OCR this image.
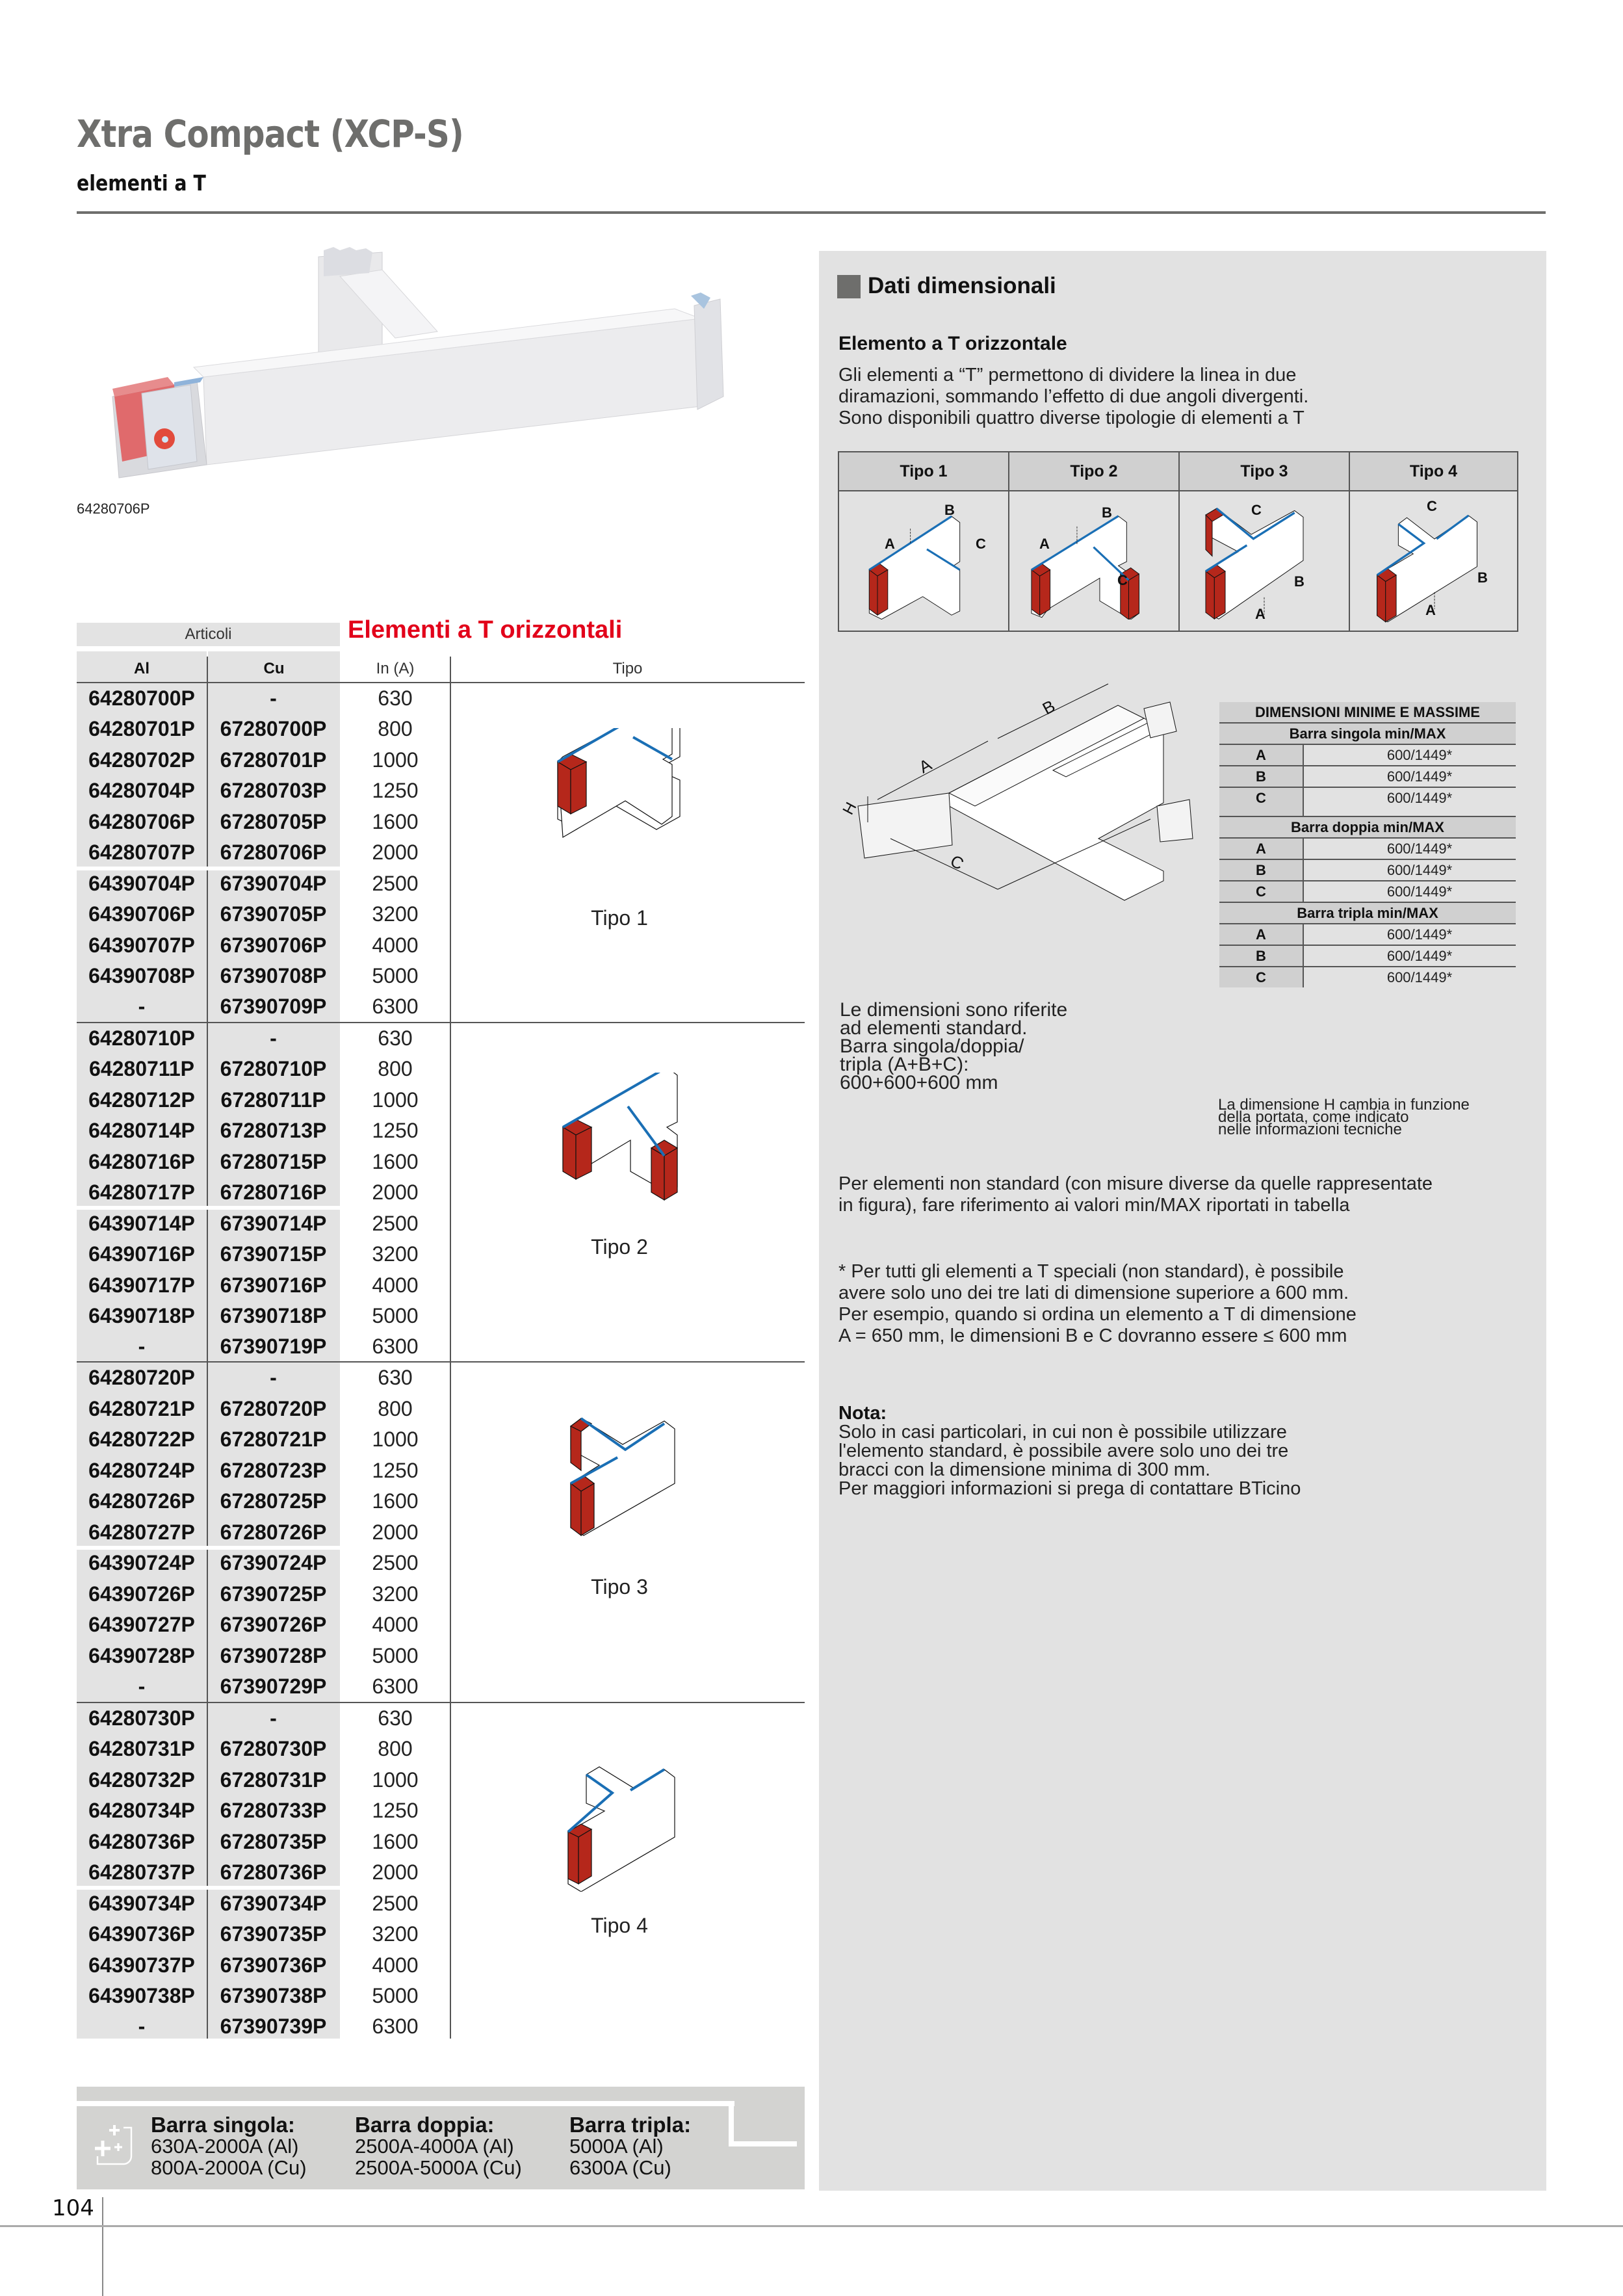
Xtra Compact (XCP-S)
elementi a T
64280706P
Articoli	Elementi a T orizzontali
Al	Cu	In (A)	Tipo
64280700P	-	630
64280701P	67280700P	800
64280702P	67280701P	1000
64280704P	67280703P	1250
64280706P	67280705P	1600
64280707P	67280706P	2000
64390704P	67390704P	2500
64390706P	67390705P	3200
64390707P	67390706P	4000
64390708P	67390708P	5000
-	67390709P	6300
64280710P	-	630
64280711P	67280710P	800
64280712P	67280711P	1000
64280714P	67280713P	1250
64280716P	67280715P	1600
64280717P	67280716P	2000
64390714P	67390714P	2500
64390716P	67390715P	3200
64390717P	67390716P	4000
64390718P	67390718P	5000
-	67390719P	6300
64280720P	-	630
64280721P	67280720P	800
64280722P	67280721P	1000
64280724P	67280723P	1250
64280726P	67280725P	1600
64280727P	67280726P	2000
64390724P	67390724P	2500
64390726P	67390725P	3200
64390727P	67390726P	4000
64390728P	67390728P	5000
-	67390729P	6300
64280730P	-	630
64280731P	67280730P	800
64280732P	67280731P	1000
64280734P	67280733P	1250
64280736P	67280735P	1600
64280737P	67280736P	2000
64390734P	67390734P	2500
64390736P	67390735P	3200
64390737P	67390736P	4000
64390738P	67390738P	5000
-	67390739P	6300
Tipo 1
Tipo 2
Tipo 3
Tipo 4
Barra singola:
630A-2000A (Al)
800A-2000A (Cu)
Barra doppia:
2500A-4000A (Al)
2500A-5000A (Cu)
Barra tripla:
5000A (Al)
6300A (Cu)
104
Dati dimensionali
Elemento a T orizzontale
Gli elementi a “T” permettono di dividere la linea in due
diramazioni, sommando l’effetto di due angoli divergenti.
Sono disponibili quattro diverse tipologie di elementi a T
Tipo 1	Tipo 2	Tipo 3	Tipo 4
A
B
C	A
B
C
C
B
A
C
B
A
A
B
C
H
Le dimensioni sono riferite
ad elementi standard.
Barra singola/doppia/
tripla (A+B+C):
600+600+600 mm
DIMENSIONI MINIME E MASSIME
Barra singola min/MAX
A	600/1449*
B	600/1449*
C	600/1449*
Barra doppia min/MAX
A	600/1449*
B	600/1449*
C	600/1449*
Barra tripla min/MAX
A	600/1449*
B	600/1449*
C	600/1449*
La dimensione H cambia in funzione
della portata, come indicato
nelle informazioni tecniche
Per elementi non standard (con misure diverse da quelle rappresentate
in figura), fare riferimento ai valori min/MAX riportati in tabella
* Per tutti gli elementi a T speciali (non standard), è possibile
avere solo uno dei tre lati di dimensione superiore a 600 mm.
Per esempio, quando si ordina un elemento a T di dimensione
A = 650 mm, le dimensioni B e C dovranno essere ≤ 600 mm
Nota:
Solo in casi particolari, in cui non è possibile utilizzare
l'elemento standard, è possibile avere solo uno dei tre
bracci con la dimensione minima di 300 mm.
Per maggiori informazioni si prega di contattare BTicino
